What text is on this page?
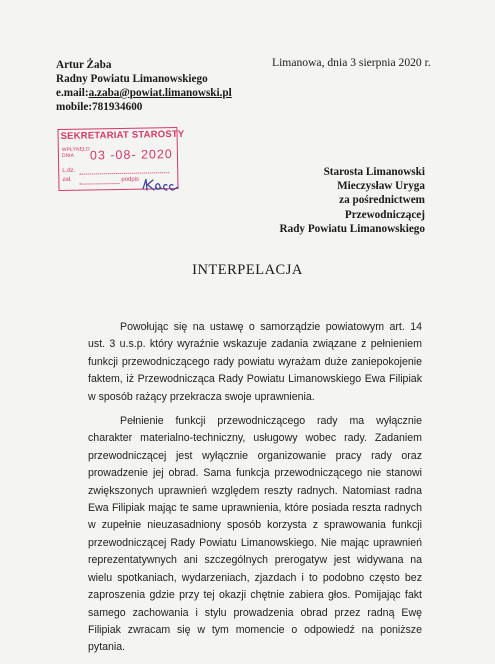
Artur Żaba
Radny Powiatu Limanowskiego
e.mail:a.zaba@powiat.limanowski.pl
mobile:781934600
Limanowa, dnia 3 sierpnia 2020 r.
SEKRETARIAT STAROSTY
WPŁYNĘŁO DNIA	03 -08- 2020
L.dz.
zał.	podpis
Starosta Limanowski
Mieczysław Uryga
za pośrednictwem
Przewodniczącej
Rady Powiatu Limanowskiego
INTERPELACJA

Powołując się na ustawę o samorządzie powiatowym art. 14 ust. 3 u.s.p. który wyraźnie wskazuje zadania związane z pełnieniem funkcji przewodniczącego rady powiatu wyrażam duże zaniepokojenie faktem, iż Przewodnicząca Rady Powiatu Limanowskiego Ewa Filipiak w sposób rażący przekracza swoje uprawnienia.

Pełnienie funkcji przewodniczącego rady ma wyłącznie charakter materialno-techniczny, usługowy wobec rady. Zadaniem przewodniczącej jest wyłącznie organizowanie pracy rady oraz prowadzenie jej obrad. Sama funkcja przewodniczącego nie stanowi zwiększonych uprawnień względem reszty radnych. Natomiast radna Ewa Filipiak mając te same uprawnienia, które posiada reszta radnych w zupełnie nieuzasadniony sposób korzysta z sprawowania funkcji przewodniczącej Rady Powiatu Limanowskiego. Nie mając uprawnień reprezentatywnych ani szczególnych prerogatyw jest widywana na wielu spotkaniach, wydarzeniach, zjazdach i to podobno często bez zaproszenia gdzie przy tej okazji chętnie zabiera głos. Pomijając fakt samego zachowania i stylu prowadzenia obrad przez radną Ewę Filipiak zwracam się w tym momencie o odpowiedź na poniższe pytania.
